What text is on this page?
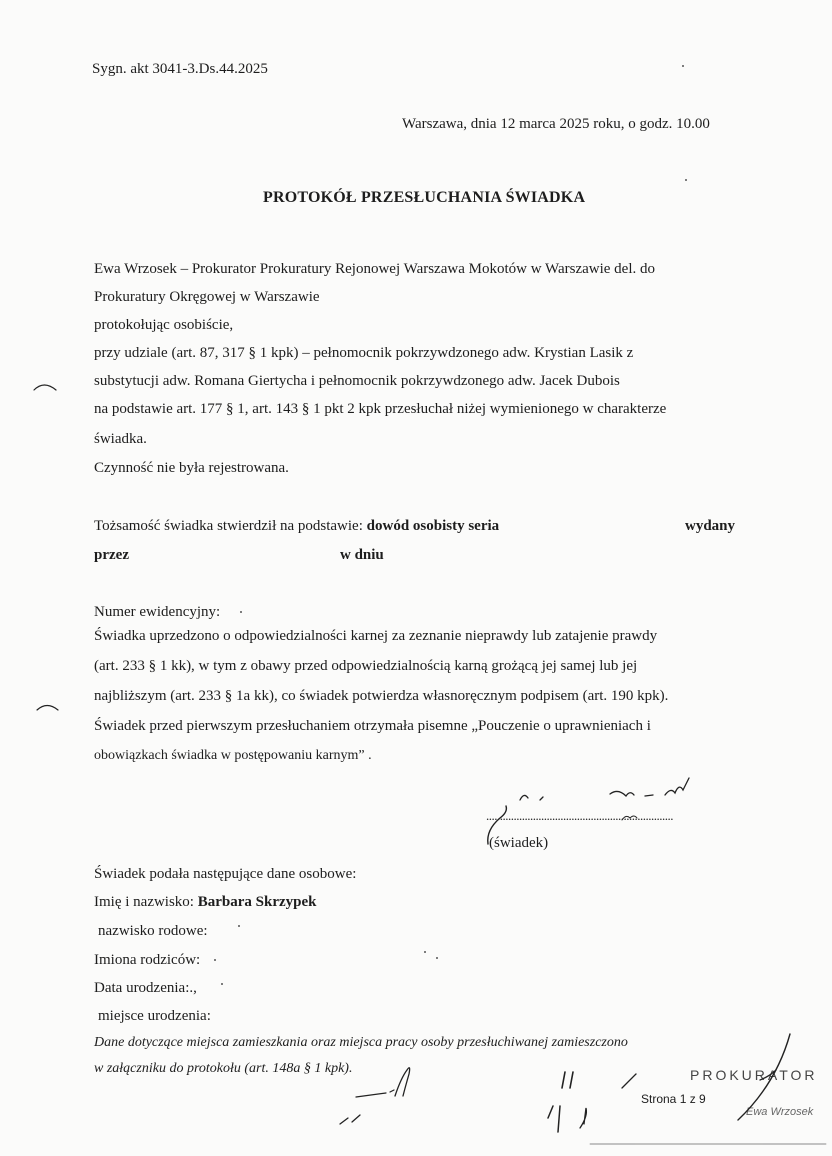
Sygn. akt 3041-3.Ds.44.2025
Warszawa, dnia 12 marca 2025 roku, o godz. 10.00
PROTOKÓŁ PRZESŁUCHANIA ŚWIADKA
Ewa Wrzosek – Prokurator Prokuratury Rejonowej Warszawa Mokotów w Warszawie del. do
Prokuratury Okręgowej w Warszawie
protokołując osobiście,
przy udziale (art. 87, 317 § 1 kpk) – pełnomocnik pokrzywdzonego adw. Krystian Lasik z
substytucji adw. Romana Giertycha i pełnomocnik pokrzywdzonego adw. Jacek Dubois
na podstawie art. 177 § 1, art. 143 § 1 pkt 2 kpk przesłuchał niżej wymienionego w charakterze
świadka.
Czynność nie była rejestrowana.
Tożsamość świadka stwierdził na podstawie: dowód osobisty seria	wydany
przez	w dniu
Numer ewidencyjny:
Świadka uprzedzono o odpowiedzialności karnej za zeznanie nieprawdy lub zatajenie prawdy
(art. 233 § 1 kk), w tym z obawy przed odpowiedzialnością karną grożącą jej samej lub jej
najbliższym (art. 233 § 1a kk), co świadek potwierdza własnoręcznym podpisem (art. 190 kpk).
Świadek przed pierwszym przesłuchaniem otrzymała pisemne „Pouczenie o uprawnieniach i
obowiązkach świadka w postępowaniu karnym” .
....................................................................
(świadek)
Świadek podała następujące dane osobowe:
Imię i nazwisko: Barbara Skrzypek
nazwisko rodowe:
Imiona rodziców:
Data urodzenia:.,
miejsce urodzenia:
Dane dotyczące miejsca zamieszkania oraz miejsca pracy osoby przesłuchiwanej zamieszczono
w załączniku do protokołu (art. 148a § 1 kpk).
Strona 1 z 9
PROKURATOR
Ewa Wrzosek
